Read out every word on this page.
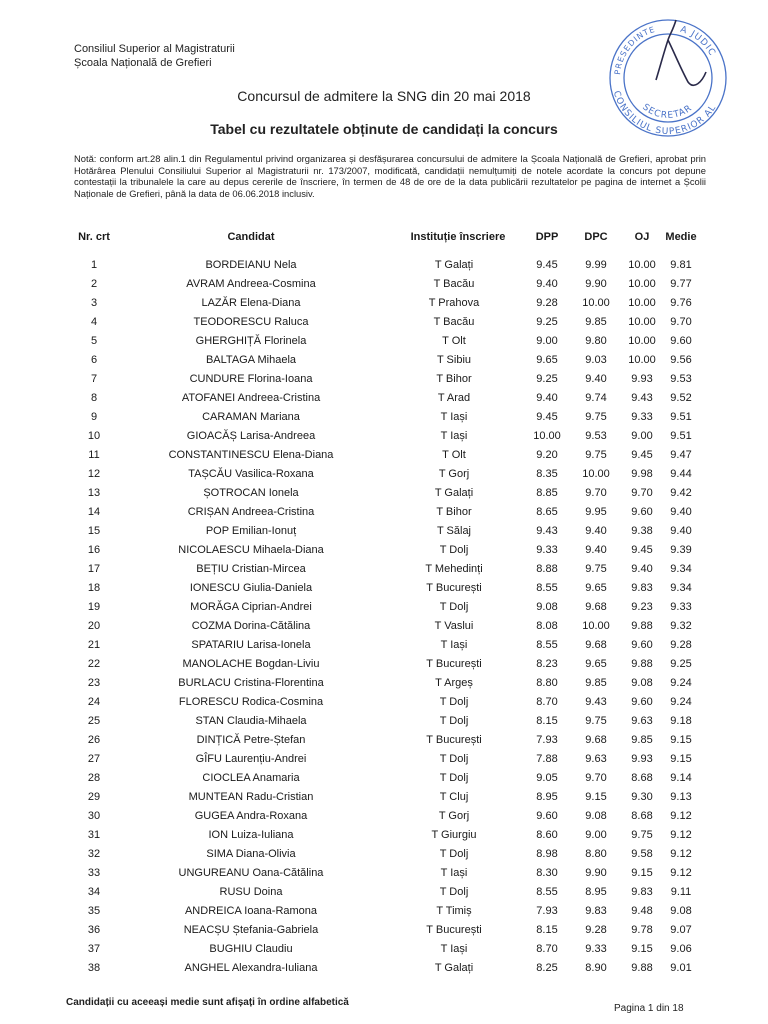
Consiliul Superior al Magistraturii
Școala Națională de Grefieri
A JUDIC
PRESEDINTE
SECRETAR
CONSILIUL SUPERIOR AL
Concursul de admitere la SNG din 20 mai 2018
Tabel cu rezultatele obținute de candidați la concurs
Notă: conform art.28 alin.1 din Regulamentul privind organizarea și desfășurarea concursului de admitere la Școala Națională de Grefieri, aprobat prin Hotărârea Plenului Consiliului Superior al Magistraturii nr. 173/2007, modificată, candidații nemulțumiți de notele acordate la concurs pot depune contestații la tribunalele la care au depus cererile de înscriere, în termen de 48 de ore de la data publicării rezultatelor pe pagina de internet a Școlii Naționale de Grefieri, până la data de 06.06.2018 inclusiv.
Nr. crt	Candidat	Instituție înscriere	DPP	DPC	OJ	Medie
1	BORDEIANU Nela	T Galați	9.45	9.99	10.00	9.81
2	AVRAM Andreea-Cosmina	T Bacău	9.40	9.90	10.00	9.77
3	LAZĂR Elena-Diana	T Prahova	9.28	10.00	10.00	9.76
4	TEODORESCU Raluca	T Bacău	9.25	9.85	10.00	9.70
5	GHERGHIȚĂ Florinela	T Olt	9.00	9.80	10.00	9.60
6	BALTAGA Mihaela	T Sibiu	9.65	9.03	10.00	9.56
7	CUNDURE Florina-Ioana	T Bihor	9.25	9.40	9.93	9.53
8	ATOFANEI Andreea-Cristina	T Arad	9.40	9.74	9.43	9.52
9	CARAMAN Mariana	T Iași	9.45	9.75	9.33	9.51
10	GIOACĂȘ Larisa-Andreea	T Iași	10.00	9.53	9.00	9.51
11	CONSTANTINESCU Elena-Diana	T Olt	9.20	9.75	9.45	9.47
12	TAȘCĂU Vasilica-Roxana	T Gorj	8.35	10.00	9.98	9.44
13	ȘOTROCAN Ionela	T Galați	8.85	9.70	9.70	9.42
14	CRIȘAN Andreea-Cristina	T Bihor	8.65	9.95	9.60	9.40
15	POP Emilian-Ionuț	T Sălaj	9.43	9.40	9.38	9.40
16	NICOLAESCU Mihaela-Diana	T Dolj	9.33	9.40	9.45	9.39
17	BEȚIU Cristian-Mircea	T Mehedinți	8.88	9.75	9.40	9.34
18	IONESCU Giulia-Daniela	T București	8.55	9.65	9.83	9.34
19	MORĂGA Ciprian-Andrei	T Dolj	9.08	9.68	9.23	9.33
20	COZMA Dorina-Cătălina	T Vaslui	8.08	10.00	9.88	9.32
21	SPATARIU Larisa-Ionela	T Iași	8.55	9.68	9.60	9.28
22	MANOLACHE Bogdan-Liviu	T București	8.23	9.65	9.88	9.25
23	BURLACU Cristina-Florentina	T Argeș	8.80	9.85	9.08	9.24
24	FLORESCU Rodica-Cosmina	T Dolj	8.70	9.43	9.60	9.24
25	STAN Claudia-Mihaela	T Dolj	8.15	9.75	9.63	9.18
26	DINȚICĂ Petre-Ștefan	T București	7.93	9.68	9.85	9.15
27	GÎFU Laurențiu-Andrei	T Dolj	7.88	9.63	9.93	9.15
28	CIOCLEA Anamaria	T Dolj	9.05	9.70	8.68	9.14
29	MUNTEAN Radu-Cristian	T Cluj	8.95	9.15	9.30	9.13
30	GUGEA Andra-Roxana	T Gorj	9.60	9.08	8.68	9.12
31	ION Luiza-Iuliana	T Giurgiu	8.60	9.00	9.75	9.12
32	SIMA Diana-Olivia	T Dolj	8.98	8.80	9.58	9.12
33	UNGUREANU Oana-Cătălina	T Iași	8.30	9.90	9.15	9.12
34	RUSU Doina	T Dolj	8.55	8.95	9.83	9.11
35	ANDREICA Ioana-Ramona	T Timiș	7.93	9.83	9.48	9.08
36	NEACȘU Ștefania-Gabriela	T București	8.15	9.28	9.78	9.07
37	BUGHIU Claudiu	T Iași	8.70	9.33	9.15	9.06
38	ANGHEL Alexandra-Iuliana	T Galați	8.25	8.90	9.88	9.01
Candidații cu aceeași medie sunt afișați în ordine alfabetică
Pagina 1 din 18
